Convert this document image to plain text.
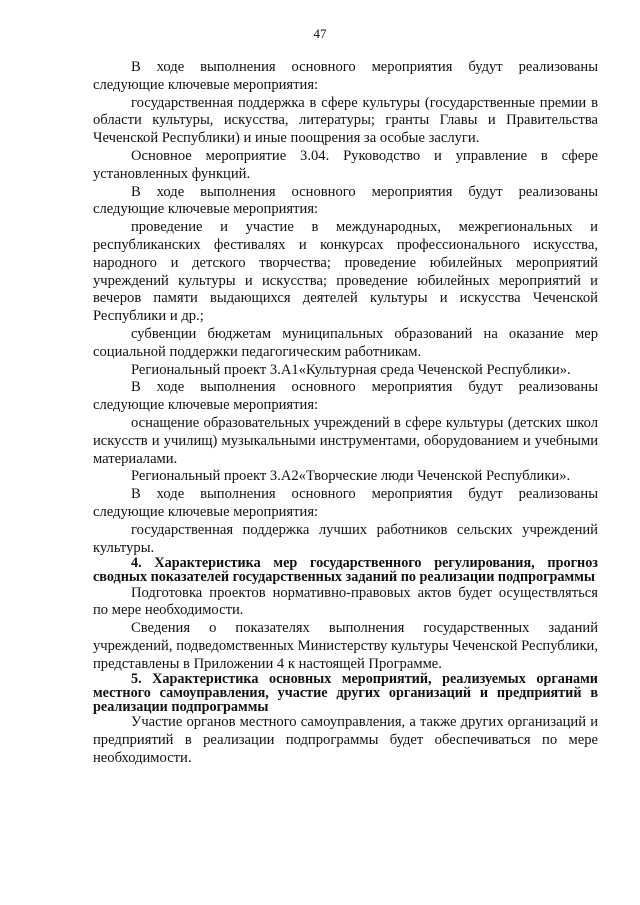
47

В ходе выполнения основного мероприятия будут реализованы следующие ключевые мероприятия:

государственная поддержка в сфере культуры (государственные премии в области культуры, искусства, литературы; гранты Главы и Правительства Чеченской Республики) и иные поощрения за особые заслуги.

Основное мероприятие 3.04. Руководство и управление в сфере установленных функций.

В ходе выполнения основного мероприятия будут реализованы следующие ключевые мероприятия:

проведение и участие в международных, межрегиональных и республиканских фестивалях и конкурсах профессионального искусства, народного и детского творчества; проведение юбилейных мероприятий учреждений культуры и искусства; проведение юбилейных мероприятий и вечеров памяти выдающихся деятелей культуры и искусства Чеченской Республики и др.;

субвенции бюджетам муниципальных образований на оказание мер социальной поддержки педагогическим работникам.

Региональный проект 3.А1«Культурная среда Чеченской Республики».

В ходе выполнения основного мероприятия будут реализованы следующие ключевые мероприятия:

оснащение образовательных учреждений в сфере культуры (детских школ искусств и училищ) музыкальными инструментами, оборудованием и учебными материалами.

Региональный проект 3.А2«Творческие люди Чеченской Республики».

В ходе выполнения основного мероприятия будут реализованы следующие ключевые мероприятия:

государственная поддержка лучших работников сельских учреждений культуры.

4. Характеристика мер государственного регулирования, прогноз сводных показателей государственных заданий по реализации подпрограммы

Подготовка проектов нормативно-правовых актов будет осуществляться по мере необходимости.

Сведения о показателях выполнения государственных заданий учреждений, подведомственных Министерству культуры Чеченской Республики, представлены в Приложении 4 к настоящей Программе.

5. Характеристика основных мероприятий, реализуемых органами местного самоуправления, участие других организаций и предприятий в реализации подпрограммы

Участие органов местного самоуправления, а также других организаций и предприятий в реализации подпрограммы будет обеспечиваться по мере необходимости.
